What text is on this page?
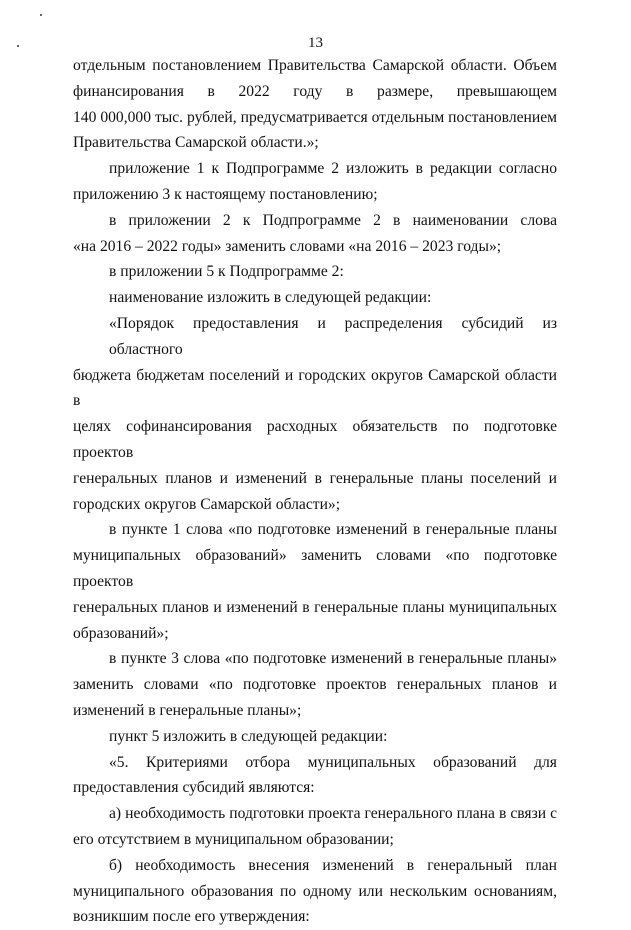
13
отдельным постановлением Правительства Самарской области. Объем
финансирования в 2022 году в размере, превышающем
140 000,000 тыс. рублей, предусматривается отдельным постановлением
Правительства Самарской области.»;
приложение 1 к Подпрограмме 2 изложить в редакции согласно
приложению 3 к настоящему постановлению;
в приложении 2 к Подпрограмме 2 в наименовании слова
«на 2016 – 2022 годы» заменить словами «на 2016 – 2023 годы»;
в приложении 5 к Подпрограмме 2:
наименование изложить в следующей редакции:
«Порядок предоставления и распределения субсидий из областного
бюджета бюджетам поселений и городских округов Самарской области в
целях софинансирования расходных обязательств по подготовке проектов
генеральных планов и изменений в генеральные планы поселений и
городских округов Самарской области»;
в пункте 1 слова «по подготовке изменений в генеральные планы
муниципальных образований» заменить словами «по подготовке проектов
генеральных планов и изменений в генеральные планы муниципальных
образований»;
в пункте 3 слова «по подготовке изменений в генеральные планы»
заменить словами «по подготовке проектов генеральных планов и
изменений в генеральные планы»;
пункт 5 изложить в следующей редакции:
«5. Критериями отбора муниципальных образований для
предоставления субсидий являются:
а) необходимость подготовки проекта генерального плана в связи с
его отсутствием в муниципальном образовании;
б) необходимость внесения изменений в генеральный план
муниципального образования по одному или нескольким основаниям,
возникшим после его утверждения:
